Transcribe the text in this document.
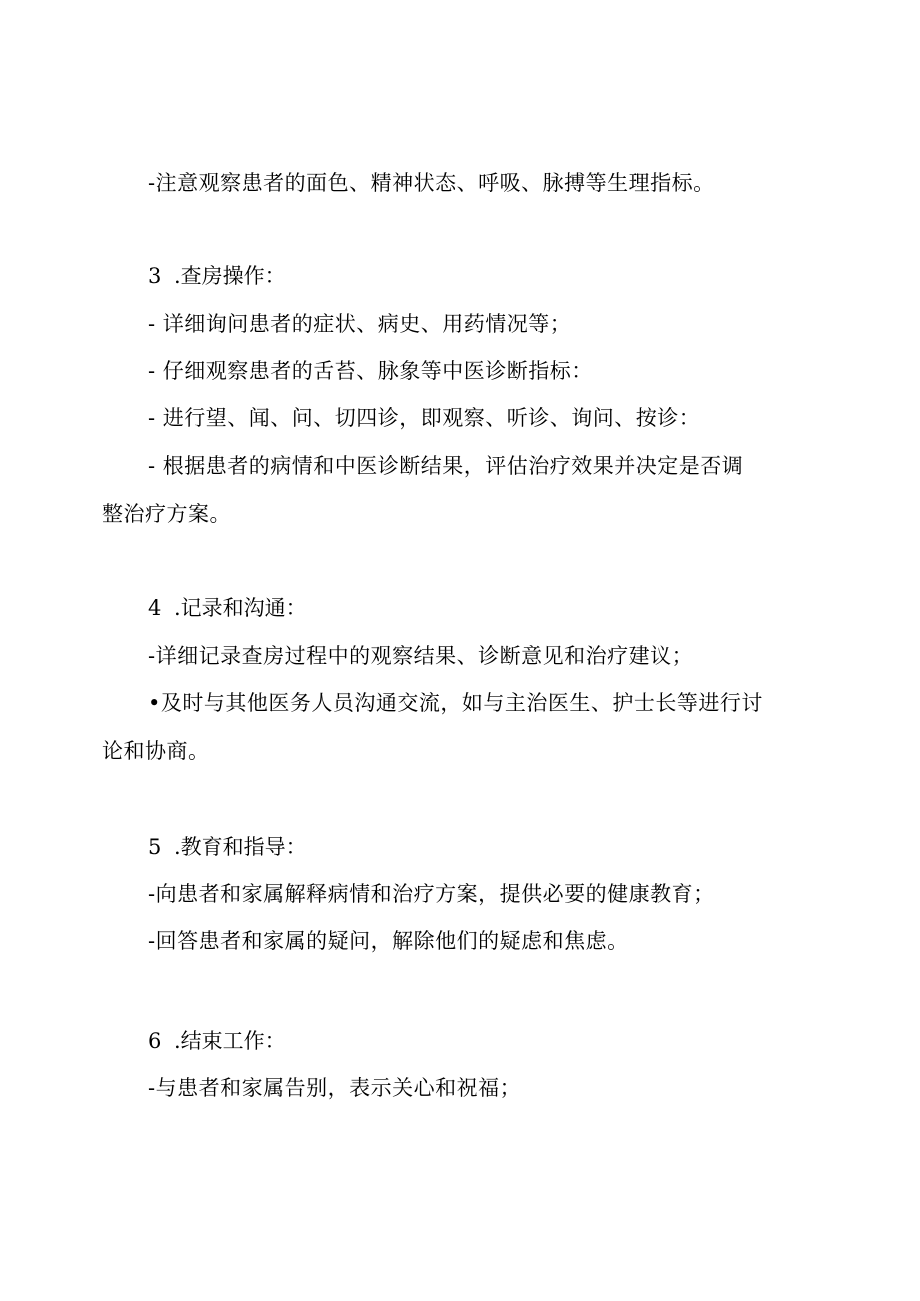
-注意观察患者的面色、精神状态、呼吸、脉搏等生理指标。
3 .查房操作：
- 详细询问患者的症状、病史、用药情况等；
- 仔细观察患者的舌苔、脉象等中医诊断指标：
- 进行望、闻、问、切四诊，即观察、听诊、询问、按诊：
- 根据患者的病情和中医诊断结果，评估治疗效果并决定是否调
整治疗方案。
4 .记录和沟通：
-详细记录查房过程中的观察结果、诊断意见和治疗建议；
•及时与其他医务人员沟通交流，如与主治医生、护士长等进行讨
论和协商。
5 .教育和指导：
-向患者和家属解释病情和治疗方案，提供必要的健康教育；
-回答患者和家属的疑问，解除他们的疑虑和焦虑。
6 .结束工作：
-与患者和家属告别，表示关心和祝福；
